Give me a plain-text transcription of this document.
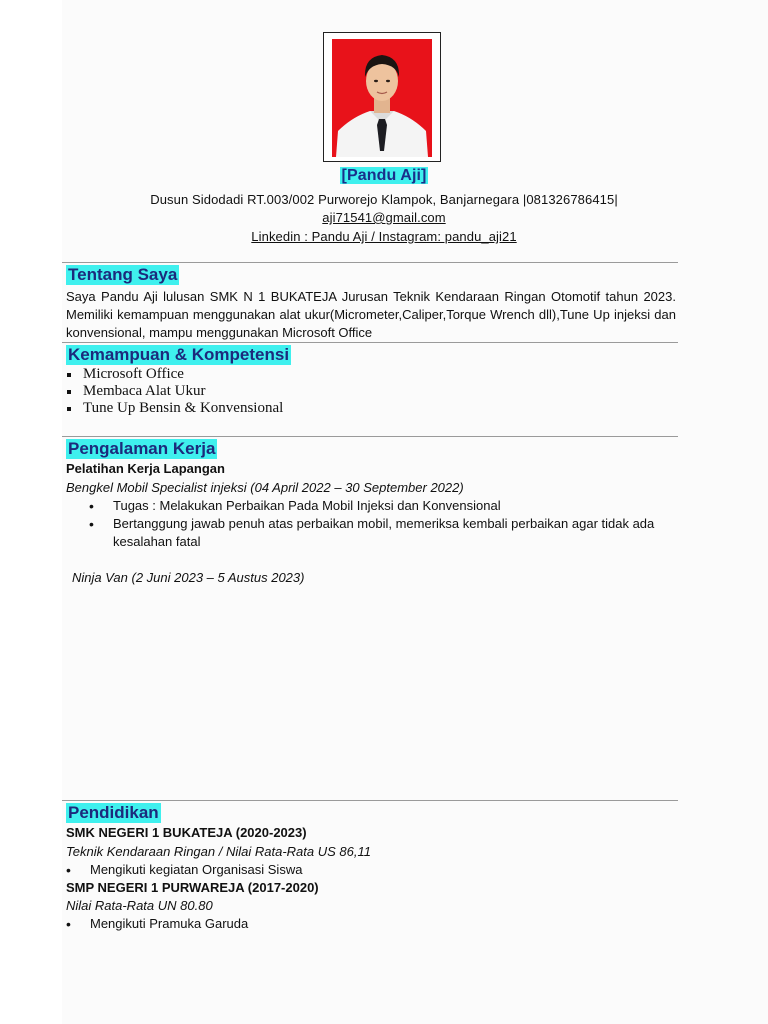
[Pandu Aji]
Dusun Sidodadi RT.003/002 Purworejo Klampok, Banjarnegara |081326786415|
aji71541@gmail.com
Linkedin : Pandu Aji / Instagram: pandu_aji21
Tentang Saya
Saya Pandu Aji lulusan SMK N 1 BUKATEJA Jurusan Teknik Kendaraan Ringan Otomotif tahun 2023. Memiliki kemampuan menggunakan alat ukur(Micrometer,Caliper,Torque Wrench dll),Tune Up injeksi dan konvensional, mampu menggunakan Microsoft Office
Kemampuan & Kompetensi
Microsoft Office
Membaca Alat Ukur
Tune Up Bensin & Konvensional
Pengalaman Kerja
Pelatihan Kerja Lapangan
Bengkel Mobil Specialist injeksi (04 April 2022 – 30 September 2022)
• Tugas : Melakukan Perbaikan Pada Mobil Injeksi dan Konvensional
• Bertanggung jawab penuh atas perbaikan mobil, memeriksa kembali perbaikan agar tidak ada kesalahan fatal
Ninja Van (2 Juni 2023 – 5 Austus 2023)
Pendidikan
SMK NEGERI 1 BUKATEJA (2020-2023)
Teknik Kendaraan Ringan / Nilai Rata-Rata US 86,11
• Mengikuti kegiatan Organisasi Siswa
SMP NEGERI 1 PURWAREJA (2017-2020)
Nilai Rata-Rata UN 80.80
• Mengikuti Pramuka Garuda
